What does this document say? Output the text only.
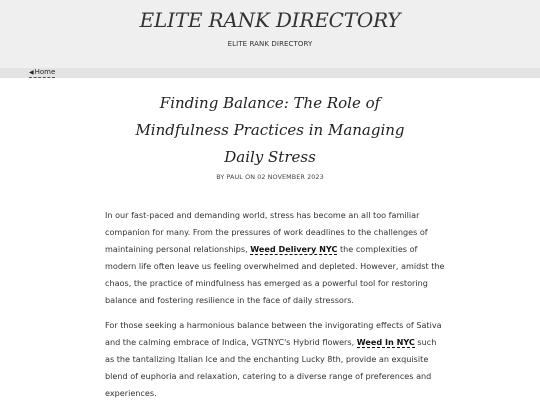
ELITE RANK DIRECTORY
ELITE RANK DIRECTORY
◀Home
Finding Balance: The Role of Mindfulness Practices in Managing Daily Stress
BY PAUL ON 02 NOVEMBER 2023

In our fast-paced and demanding world, stress has become an all too familiar companion for many. From the pressures of work deadlines to the challenges of maintaining personal relationships, Weed Delivery NYC the complexities of modern life often leave us feeling overwhelmed and depleted. However, amidst the chaos, the practice of mindfulness has emerged as a powerful tool for restoring balance and fostering resilience in the face of daily stressors.

For those seeking a harmonious balance between the invigorating effects of Sativa and the calming embrace of Indica, VGTNYC's Hybrid flowers, Weed In NYC such as the tantalizing Italian Ice and the enchanting Lucky 8th, provide an exquisite blend of euphoria and relaxation, catering to a diverse range of preferences and experiences.
